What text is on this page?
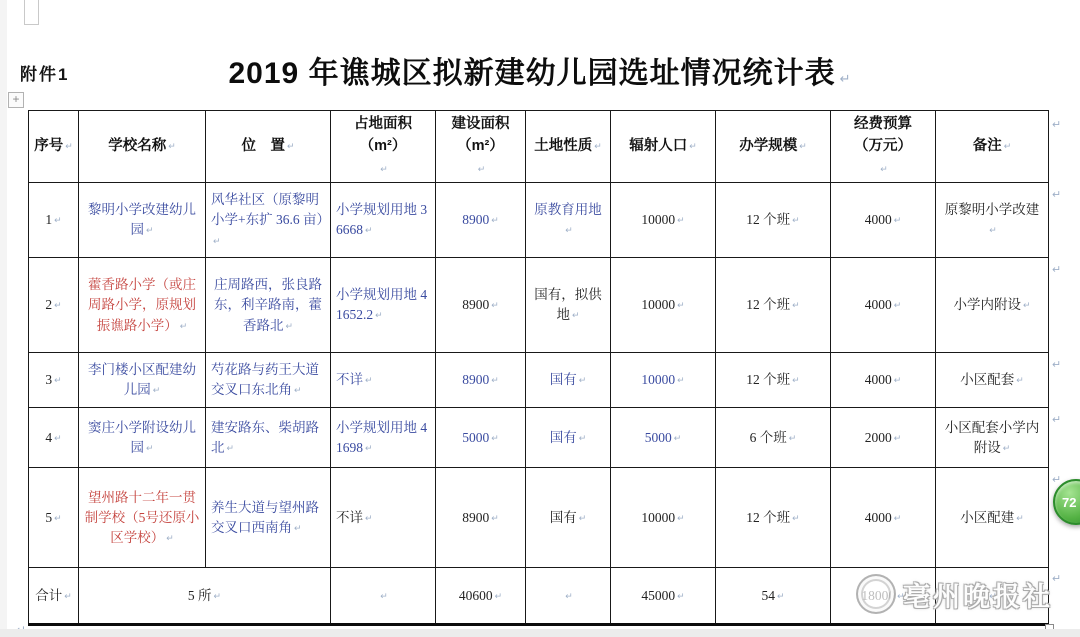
附件1	2019 年谯城区拟新建幼儿园选址情况统计表 ↵
+
序号 ↵	学校名称 ↵	位　置 ↵	占地面积
（m²）
↵	建设面积
（m²）
↵	土地性质 ↵	辐射人口 ↵	办学规模 ↵	经费预算
（万元）
↵	备注 ↵
1 ↵	黎明小学改建幼儿园 ↵	风华社区（原黎明小学+东扩 36.6 亩） ↵	小学规划用地 36668 ↵	8900 ↵	原教育用地 ↵	10000 ↵	12 个班 ↵	4000 ↵	原黎明小学改建 ↵
2 ↵	藿香路小学（或庄周路小学，原规划振谯路小学） ↵	庄周路西，张良路东，利辛路南，藿香路北 ↵	小学规划用地 41652.2 ↵	8900 ↵	国有，拟供地 ↵	10000 ↵	12 个班 ↵	4000 ↵	小学内附设 ↵
3 ↵	李门楼小区配建幼儿园 ↵	芍花路与药王大道交叉口东北角 ↵	不详 ↵	8900 ↵	国有 ↵	10000 ↵	12 个班 ↵	4000 ↵	小区配套 ↵
4 ↵	窦庄小学附设幼儿园 ↵	建安路东、柴胡路北 ↵	小学规划用地 41698 ↵	5000 ↵	国有 ↵	5000 ↵	6 个班 ↵	2000 ↵	小区配套小学内附设 ↵
5 ↵	望州路十二年一贯制学校（5号还原小区学校） ↵	养生大道与望州路交叉口西南角 ↵	不详 ↵	8900 ↵	国有 ↵	10000 ↵	12 个班 ↵	4000 ↵	小区配建 ↵
合计 ↵	5 所 ↵	↵		40600 ↵	↵	45000 ↵	54 ↵	↵	↵
↵
↵
↵
↵
↵
↵
↵
↵
亳州晚报社
72
